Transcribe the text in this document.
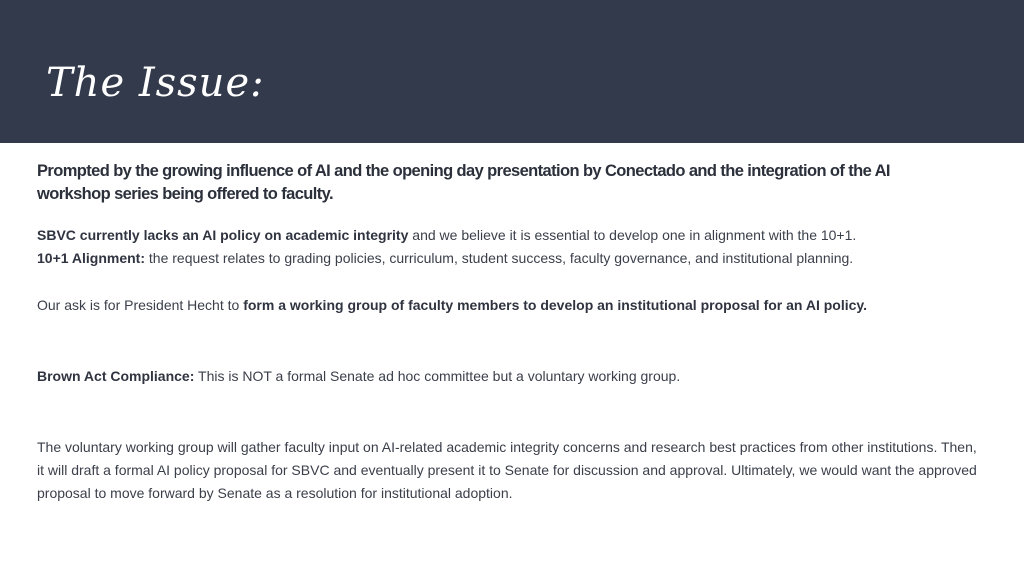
The Issue:

Prompted by the growing influence of AI and the opening day presentation by Conectado and the integration of the AI workshop series being offered to faculty.

SBVC currently lacks an AI policy on academic integrity and we believe it is essential to develop one in alignment with the 10+1.

10+1 Alignment: the request relates to grading policies, curriculum, student success, faculty governance, and institutional planning.

Our ask is for President Hecht to form a working group of faculty members to develop an institutional proposal for an AI policy.

Brown Act Compliance: This is NOT a formal Senate ad hoc committee but a voluntary working group.

The voluntary working group will gather faculty input on AI-related academic integrity concerns and research best practices from other institutions. Then, it will draft a formal AI policy proposal for SBVC and eventually present it to Senate for discussion and approval. Ultimately, we would want the approved proposal to move forward by Senate as a resolution for institutional adoption.
